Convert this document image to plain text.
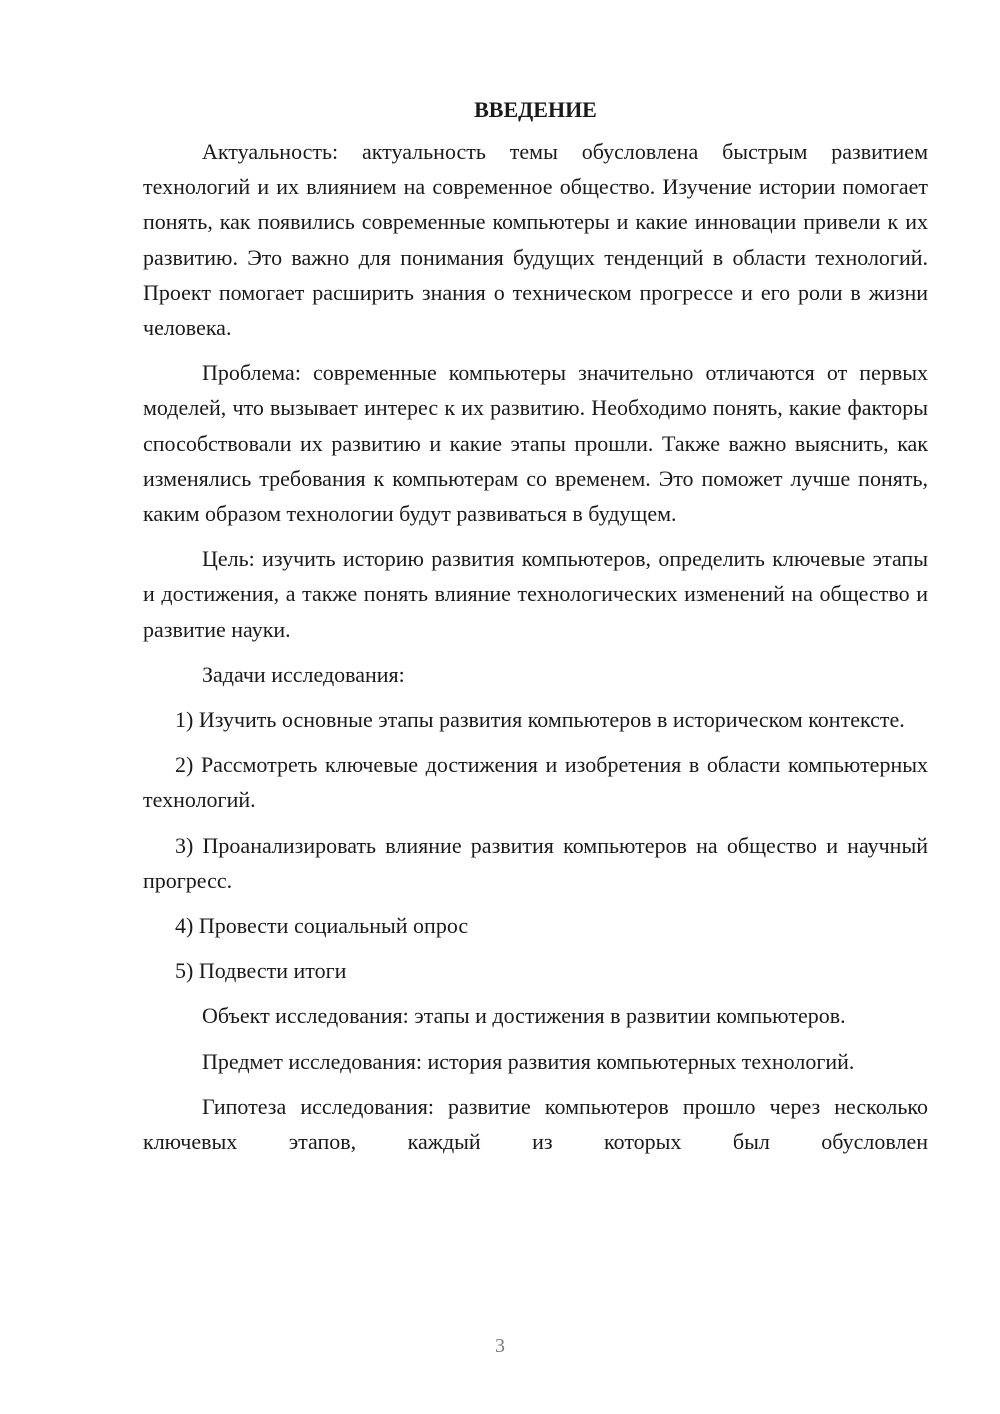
ВВЕДЕНИЕ

Актуальность: актуальность темы обусловлена быстрым развитием технологий и их влиянием на современное общество. Изучение истории помогает понять, как появились современные компьютеры и какие инновации привели к их развитию. Это важно для понимания будущих тенденций в области технологий. Проект помогает расширить знания о техническом прогрессе и его роли в жизни человека.

Проблема: современные компьютеры значительно отличаются от первых моделей, что вызывает интерес к их развитию. Необходимо понять, какие факторы способствовали их развитию и какие этапы прошли. Также важно выяснить, как изменялись требования к компьютерам со временем. Это поможет лучше понять, каким образом технологии будут развиваться в будущем.

Цель: изучить историю развития компьютеров, определить ключевые этапы и достижения, а также понять влияние технологических изменений на общество и развитие науки.

Задачи исследования:

1) Изучить основные этапы развития компьютеров в историческом контексте.

2) Рассмотреть ключевые достижения и изобретения в области компьютерных технологий.

3) Проанализировать влияние развития компьютеров на общество и научный прогресс.

4) Провести социальный опрос

5) Подвести итоги

Объект исследования: этапы и достижения в развитии компьютеров.

Предмет исследования: история развития компьютерных технологий.

Гипотеза исследования: развитие компьютеров прошло через несколько ключевых этапов, каждый из которых был обусловлен

3
